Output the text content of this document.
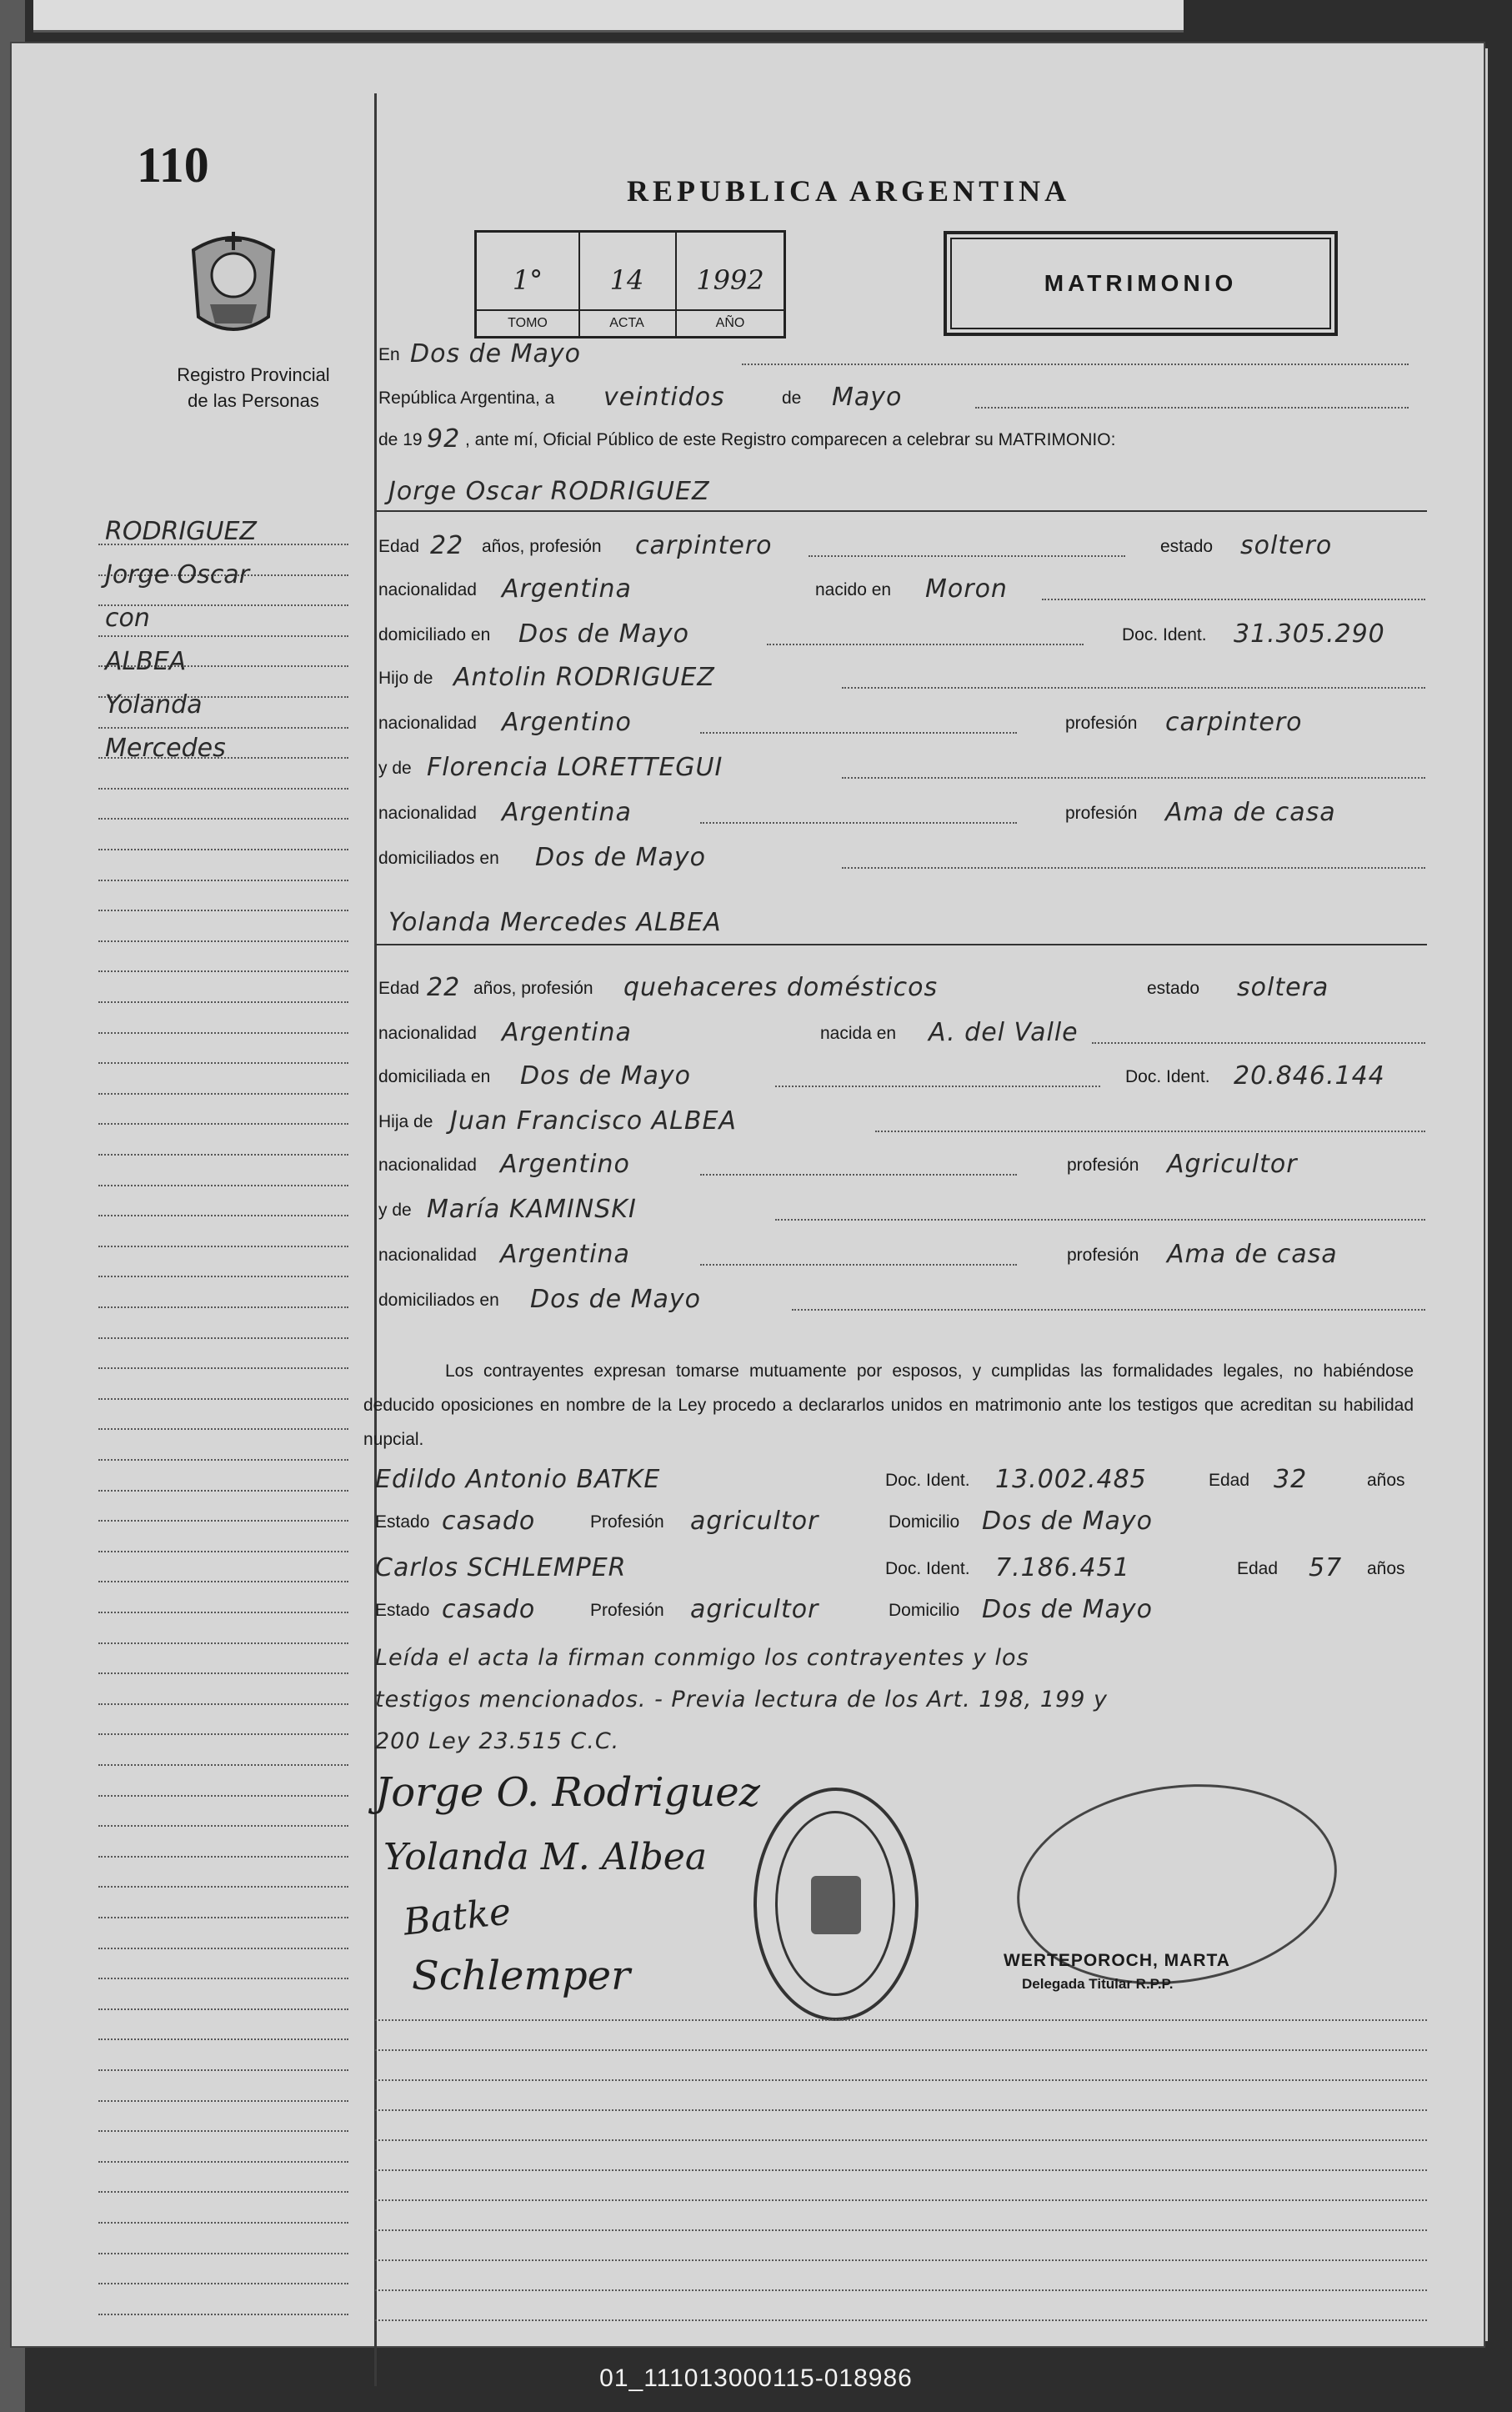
110
Registro Provincial
de las Personas
REPUBLICA ARGENTINA
1°
TOMO
14
ACTA
1992
AÑO
MATRIMONIO
En Dos de Mayo
República Argentina, a veintidos	de Mayo
de 19 92 , ante mí, Oficial Público de este Registro comparecen a celebrar su MATRIMONIO:
Jorge Oscar RODRIGUEZ
Edad 22 años, profesión carpintero	estado soltero
nacionalidad Argentina	nacido en Moron
domiciliado en Dos de Mayo	Doc. Ident. 31.305.290
Hijo de Antolin RODRIGUEZ
nacionalidad Argentino	profesión carpintero
y de Florencia LORETTEGUI
nacionalidad Argentina	profesión Ama de casa
domiciliados en Dos de Mayo
Yolanda Mercedes ALBEA
Edad 22 años, profesión quehaceres domésticos	estado soltera
nacionalidad Argentina	nacida en A. del Valle
domiciliada en Dos de Mayo	Doc. Ident. 20.846.144
Hija de Juan Francisco ALBEA
nacionalidad Argentino	profesión Agricultor
y de María KAMINSKI
nacionalidad Argentina	profesión Ama de casa
domiciliados en Dos de Mayo
Los contrayentes expresan tomarse mutuamente por esposos, y cumplidas las formalidades legales, no habiéndose deducido oposiciones en nombre de la Ley procedo a declararlos unidos en matrimonio ante los testigos que acreditan su habilidad nupcial.
Edildo Antonio BATKE	Doc. Ident. 13.002.485	Edad 32	años
Estado casado	Profesión agricultor	Domicilio Dos de Mayo
Carlos SCHLEMPER	Doc. Ident. 7.186.451	Edad 57 años
Estado casado	Profesión agricultor	Domicilio Dos de Mayo
Leída el acta la firman conmigo los contrayentes y los
testigos mencionados. - Previa lectura de los Art. 198, 199 y
200 Ley 23.515 C.C.
Jorge O. Rodriguez
Yolanda M. Albea
Batke
Schlemper	WERTEPOROCH, MARTA
Delegada Titular R.P.P.
RODRIGUEZ
Jorge Oscar
con
ALBEA
Yolanda
Mercedes
01_111013000115-018986
